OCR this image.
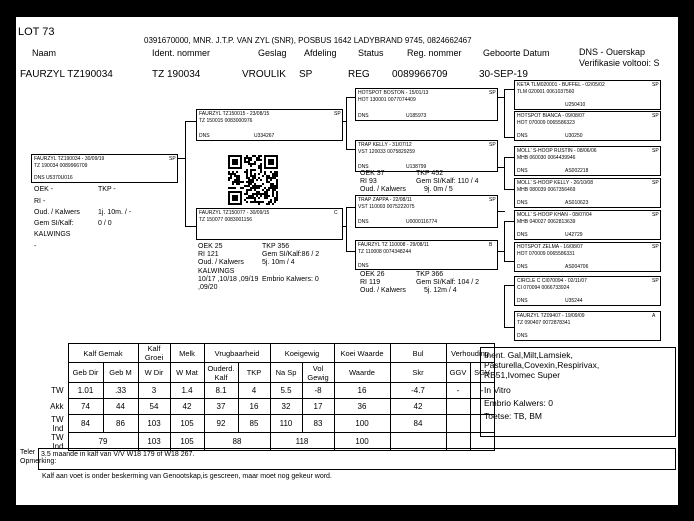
LOT 73
0391670000, MNR. J.T.P. VAN ZYL (SNR), POSBUS 1642 LADYBRAND 9745, 0824662467
Naam	Ident. nommer	Geslag Afdeling Status	Reg. nommer Geboorte Datum	DNS - Ouerskap
Verifikasie voltooi: S
FAURZYL TZ190034	TZ 190034	VROULIK SP	REG 0089966709	30-SEP-19
FAURZYL TZ190034 - 30/09/19	SP
TZ 190034 0089966709
DNS U5370U016
OEK -	TKP -
RI -
Oud. / Kalwers	1j. 10m. / -
Gem SI/Kalf:	0 / 0
KALWINGS
-
FAURZYL TZ150015 - 23/08/15	SP
TZ 150015 0083000976
DNS	U334267
FAURZYL TZ150077 - 30/09/15	C
TZ 150077 0083001156
OEK 25	TKP 356
RI 121	Gem SI/Kalf:86 / 2
Oud. / Kalwers	5j. 10m / 4
KALWINGS
10/17 ,10/18 ,09/19 Embrio Kalwers: 0
,09/20
HOTSPOT BOSTON - 15/01/13	SP
HOT 130001 0077074409
DNS	U185973
TRAP KELLY - 31/07/12	SP
VST 120033 0075829259
DNS	U138799
OEK 37	TKP 452
RI 93	Gem SI/Kalf: 110 / 4
Oud. / Kalwers	9j. 0m / 5
TRAP ZAPPA - 22/08/11	SP
VST 110003 0075222075
DNS	U0000116774
FAURZYL TZ 110008 - 29/08/11	B
TZ 110008 0074348244
DNS
OEK 26	TKP 366
RI 119	Gem SI/Kalf: 104 / 2
Oud. / Kalwers	5j. 12m / 4
KETA TLM020001 - BUFFEL - 02/05/02	SP
TLM 020001 0061037560
U250410
HOTSPOT BIANCA - 09/08/07	SP
HOT 070009 0065586323
DNS	U30250
MOLL' S-HOOP RUSTIN - 08/06/06	SP
MHB 060030 0064439946
DNS	AS002218
MOLL' S-HOOP KELLY - 26/10/08	SP
MHB 080039 0067356469
DNS	AS010623
MOLL' S-HOOP KHAN - 08/07/04	SP
MHB 040027 0062813639
DNS	U42729
HOTSPOT ZELMA - 16/08/07	SP
HOT 070009 0065586331
DNS	AS004706
CIRCLE C CI070094 - 02/11/07	SP
CI 070094 0066733924
DNS	U35244
FAURZYL TZ09407 - 19/09/09	A
TZ 090407 0072878341
DNS
	Kalf Gemak		Kalf Groei	Melk	Vrugbaarheid		Koeigewig		Koei Waarde	Bul	Verhouding	
	Geb Dir	Geb M	W Dir	W Mat	Ouderd. Kalf	TKP	Na Sp	Vol Gewig	Waarde	Skr	GGV	SGV
TW	1.01	.33	3	1.4	8.1	4	5.5	-8	16	-4.7	-	-
Akk	74	44	54	42	37	16	32	17	36	42		
TW Ind	84	86	103	105	92	85	110	83	100	84		
TW Ind	79		103	105	88		118		100			
Inent. Gal,Milt,Lamsiek,
Pasturella,Covexin,Respirivax,
RB51,Ivomec Super
In Vitro
Embrio Kalwers: 0
Toetse: TB, BM
Teler
Opmerking:
3.5 maande in kalf van V/V W18 179 of W18 267.
Kalf aan voet is onder beskerming van Genootskap,is gescreen, maar moet nog gekeur word.
